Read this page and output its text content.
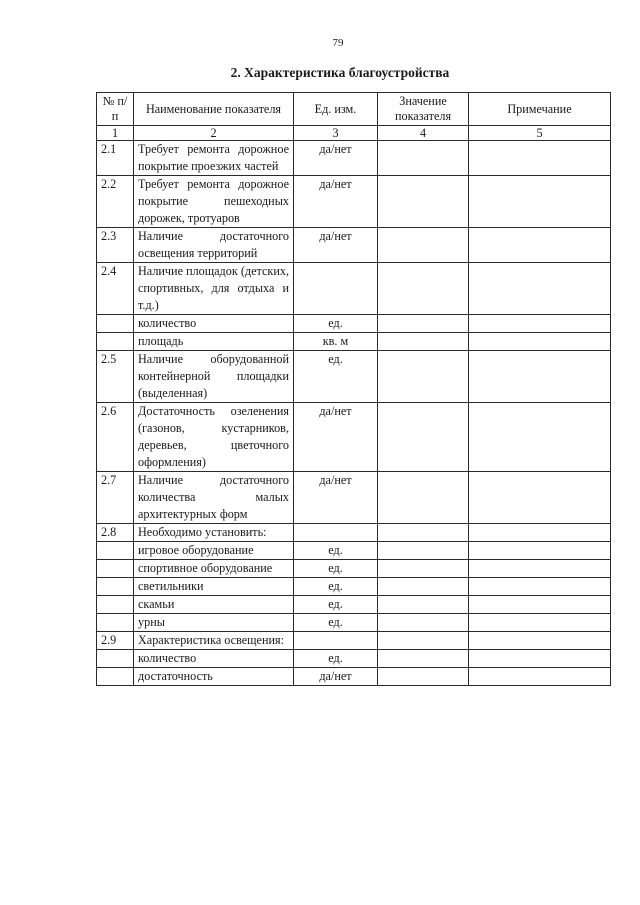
79
2. Характеристика благоустройства
№ п/п	Наименование показателя	Ед. изм.	Значение показателя	Примечание
1	2	3	4	5
2.1	Требует ремонта дорожное покрытие проезжих частей	да/нет		
2.2	Требует ремонта дорожное покрытие пешеходных дорожек, тротуаров	да/нет		
2.3	Наличие достаточного освещения территорий	да/нет		
2.4	Наличие площадок (детских, спортивных, для отдыха и т.д.)			
	количество	ед.		
	площадь	кв. м		
2.5	Наличие оборудованной контейнерной площадки (выделенная)	ед.		
2.6	Достаточность озеленения (газонов, кустарников, деревьев, цветочного оформления)	да/нет		
2.7	Наличие достаточного количества малых архитектурных форм	да/нет		
2.8	Необходимо установить:			
	игровое оборудование	ед.		
	спортивное оборудование	ед.		
	светильники	ед.		
	скамьи	ед.		
	урны	ед.		
2.9	Характеристика освещения:			
	количество	ед.		
	достаточность	да/нет		
